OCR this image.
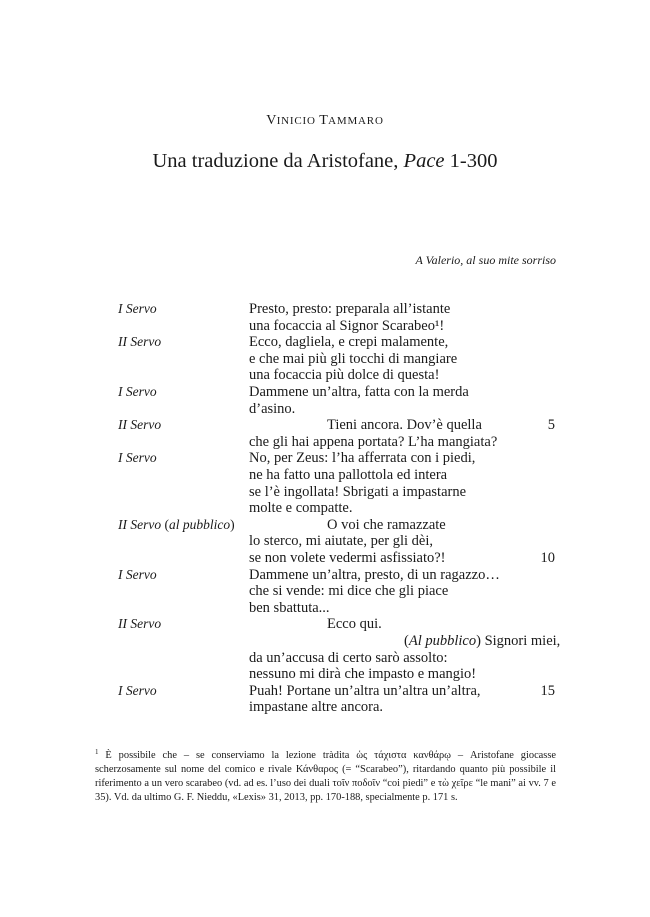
VINICIO TAMMARO
Una traduzione da Aristofane, Pace 1-300
A Valerio, al suo mite sorriso
I Servo	Presto, presto: preparala all’istante
una focaccia al Signor Scarabeo¹!
II Servo	Ecco, dagliela, e crepi malamente,
e che mai più gli tocchi di mangiare
una focaccia più dolce di questa!
I Servo	Dammene un’altra, fatta con la merda
d’asino.
II Servo	Tieni ancora. Dov’è quella	5
che gli hai appena portata? L’ha mangiata?
I Servo	No, per Zeus: l’ha afferrata con i piedi,
ne ha fatto una pallottola ed intera
se l’è ingollata! Sbrigati a impastarne
molte e compatte.
II Servo (al pubblico)	O voi che ramazzate
lo sterco, mi aiutate, per gli dèi,
se non volete vedermi asfissiato?!	10
I Servo	Dammene un’altra, presto, di un ragazzo…
che si vende: mi dice che gli piace
ben sbattuta...
II Servo	Ecco qui.
(Al pubblico) Signori miei,
da un’accusa di certo sarò assolto:
nessuno mi dirà che impasto e mangio!
I Servo	Puah! Portane un’altra un’altra un’altra,	15
impastane altre ancora.
$^1$ È possibile che – se conserviamo la lezione tràdita ὡς τάχιστα κανθάρῳ – Aristofane giocasse scherzosamente sul nome del comico e rivale Κάνθαρος (= “Scarabeo”), ritardando quanto più possibile il riferimento a un vero scarabeo (vd. ad es. l’uso dei duali τοῖν ποδοῖν “coi piedi” e τὼ χεῖρε “le mani” ai vv. 7 e 35). Vd. da ultimo G. F. Nieddu, «Lexis» 31, 2013, pp. 170-188, specialmente p. 171 s.
